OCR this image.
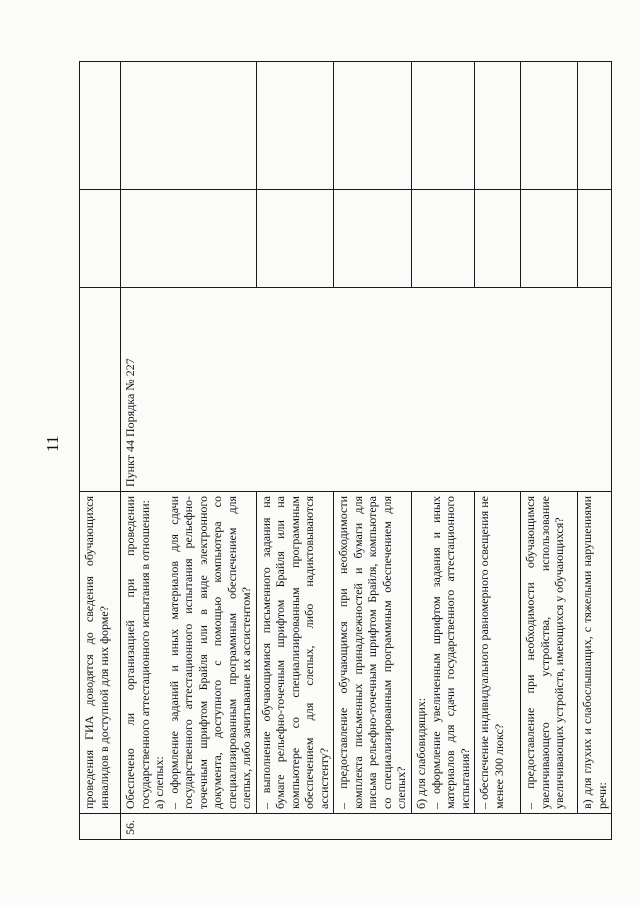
11

	проведения ГИА доводятся до сведения обучающихся инвалидов в доступной для них форме?			

56.	Обеспечено ли организацией при проведении государственного аттестационного испытания в отношении: а) слепых: – оформление заданий и иных материалов для сдачи государственного аттестационного испытания рельефно-точечным шрифтом Брайля или в виде электронного документа, доступного с помощью компьютера со специализированным программным обеспечением для слепых, либо зачитывание их ассистентом?	Пункт 44 Порядка № 227		

	– выполнение обучающимися письменного задания на бумаге рельефно-точечным шрифтом Брайля или на компьютере со специализированным программным обеспечением для слепых, либо надиктовываются ассистенту?			

	– предоставление обучающимся при необходимости комплекта письменных принадлежностей и бумаги для письма рельефно-точечным шрифтом Брайля, компьютера со специализированным программным обеспечением для слепых?			

	б) для слабовидящих: – оформление увеличенным шрифтом задания и иных материалов для сдачи государственного аттестационного испытания?			

	– обеспечение индивидуального равномерного освещения не менее 300 люкс?			

	– предоставление при необходимости обучающимся увеличивающего устройства, использование увеличивающих устройств, имеющихся у обучающихся?			

	в) для глухих и слабослышащих, с тяжелыми нарушениями речи:			
